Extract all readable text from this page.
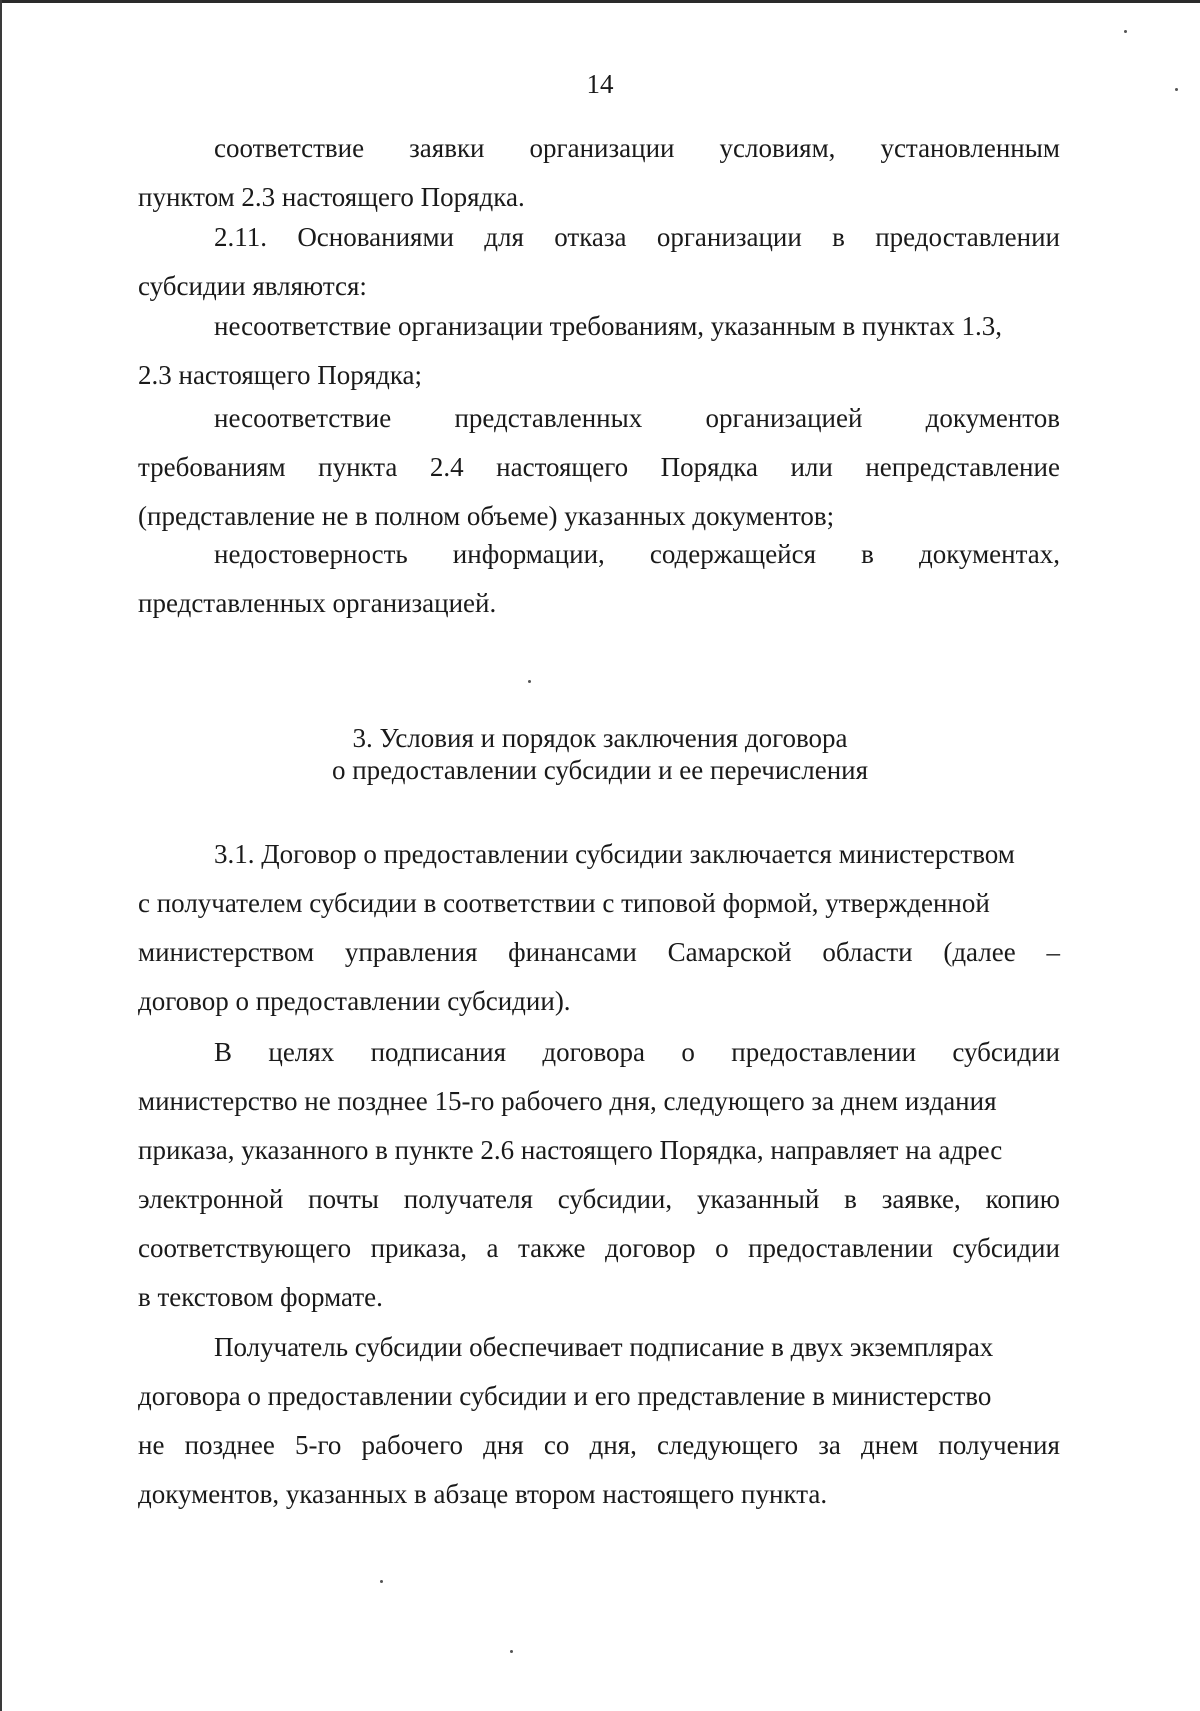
14
соответствие заявки организации условиям, установленным
пунктом 2.3 настоящего Порядка.
2.11. Основаниями для отказа организации в предоставлении
субсидии являются:
несоответствие организации требованиям, указанным в пунктах 1.3,
2.3 настоящего Порядка;
несоответствие представленных организацией документов
требованиям пункта 2.4 настоящего Порядка или непредставление
(представление не в полном объеме) указанных документов;
недостоверность информации, содержащейся в документах,
представленных организацией.
3. Условия и порядок заключения договора
о предоставлении субсидии и ее перечисления
3.1. Договор о предоставлении субсидии заключается министерством
с получателем субсидии в соответствии с типовой формой, утвержденной
министерством управления финансами Самарской области (далее –
договор о предоставлении субсидии).
В целях подписания договора о предоставлении субсидии
министерство не позднее 15-го рабочего дня, следующего за днем издания
приказа, указанного в пункте 2.6 настоящего Порядка, направляет на адрес
электронной почты получателя субсидии, указанный в заявке, копию
соответствующего приказа, а также договор о предоставлении субсидии
в текстовом формате.
Получатель субсидии обеспечивает подписание в двух экземплярах
договора о предоставлении субсидии и его представление в министерство
не позднее 5-го рабочего дня со дня, следующего за днем получения
документов, указанных в абзаце втором настоящего пункта.
